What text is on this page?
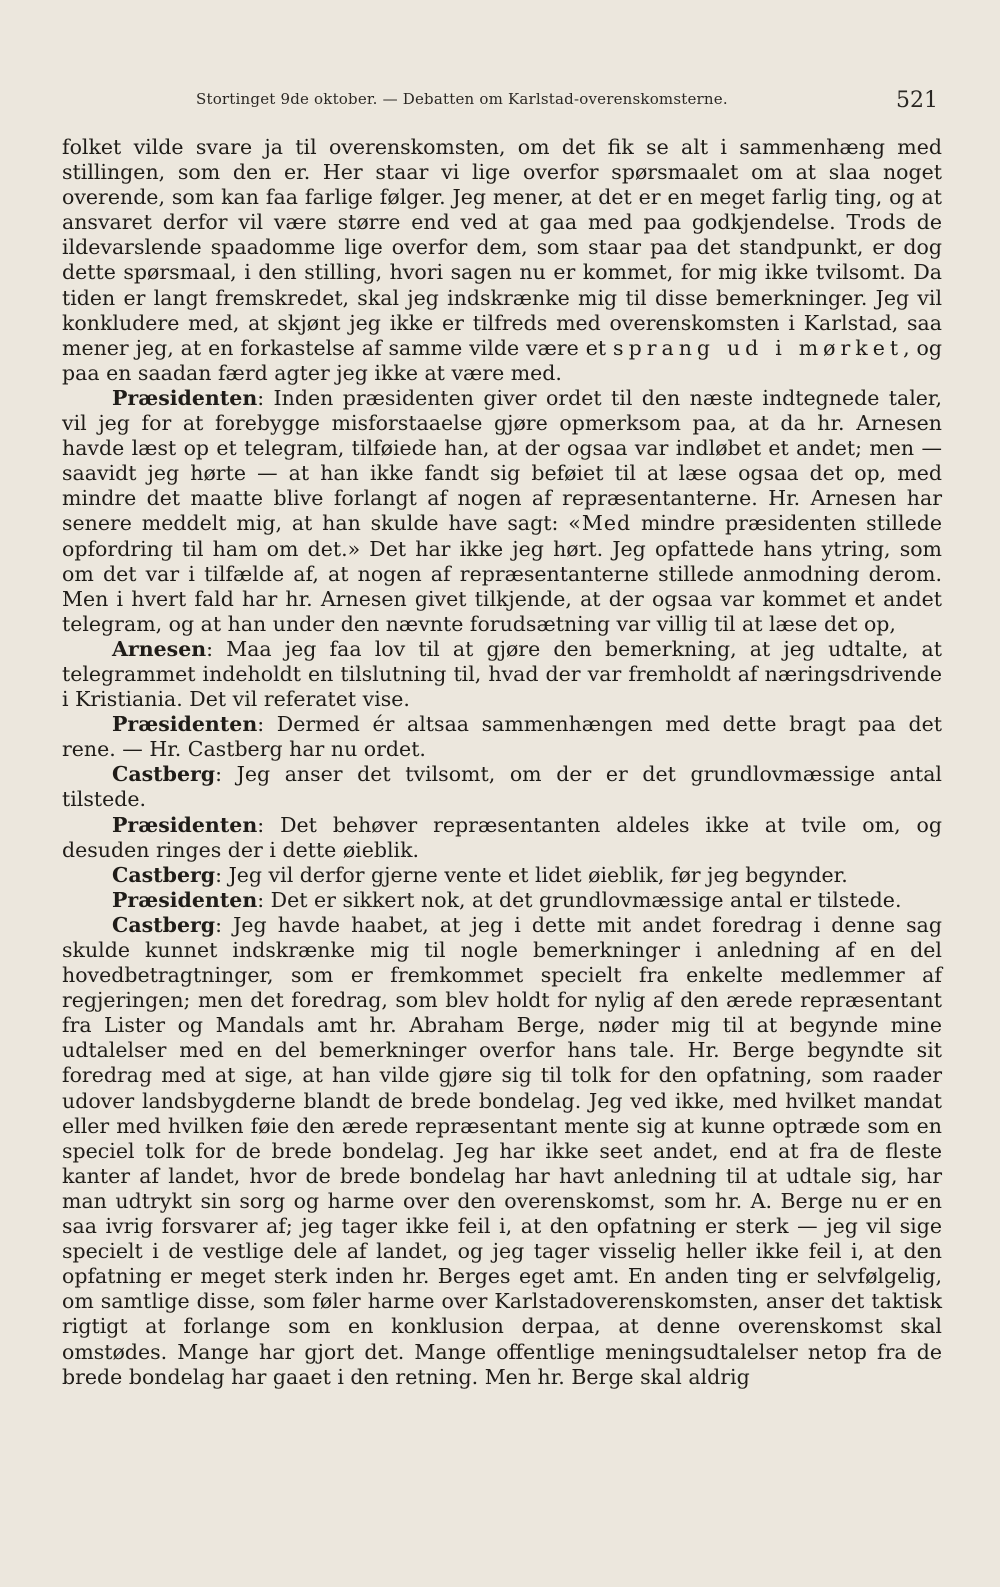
Stortinget 9de oktober. — Debatten om Karlstad-overenskomsterne.	521

folket vilde svare ja til overenskomsten, om det fik se alt i sammenhæng med stillingen, som den er. Her staar vi lige overfor spørsmaalet om at slaa noget overende, som kan faa farlige følger. Jeg mener, at det er en meget farlig ting, og at ansvaret derfor vil være større end ved at gaa med paa godkjendelse. Trods de ildevarslende spaadomme lige overfor dem, som staar paa det standpunkt, er dog dette spørsmaal, i den stilling, hvori sagen nu er kommet, for mig ikke tvilsomt. Da tiden er langt fremskredet, skal jeg indskrænke mig til disse bemerkninger. Jeg vil konkludere med, at skjønt jeg ikke er tilfreds med overenskomsten i Karlstad, saa mener jeg, at en forkastelse af samme vilde være et sprang ud i mørket, og paa en saadan færd agter jeg ikke at være med.

Præsidenten: Inden præsidenten giver ordet til den næste indtegnede taler, vil jeg for at forebygge misforstaaelse gjøre opmerksom paa, at da hr. Arnesen havde læst op et telegram, tilføiede han, at der ogsaa var indløbet et andet; men — saavidt jeg hørte — at han ikke fandt sig beføiet til at læse ogsaa det op, med mindre det maatte blive forlangt af nogen af repræsentanterne. Hr. Arnesen har senere meddelt mig, at han skulde have sagt: «Med mindre præsidenten stillede opfordring til ham om det.» Det har ikke jeg hørt. Jeg opfattede hans ytring, som om det var i tilfælde af, at nogen af repræsentanterne stillede anmodning derom. Men i hvert fald har hr. Arnesen givet tilkjende, at der ogsaa var kommet et andet telegram, og at han under den nævnte forudsætning var villig til at læse det op,

Arnesen: Maa jeg faa lov til at gjøre den bemerkning, at jeg udtalte, at telegrammet indeholdt en tilslutning til, hvad der var fremholdt af næringsdrivende i Kristiania. Det vil referatet vise.

Præsidenten: Dermed ér altsaa sammenhængen med dette bragt paa det rene. — Hr. Castberg har nu ordet.

Castberg: Jeg anser det tvilsomt, om der er det grundlovmæssige antal tilstede.

Præsidenten: Det behøver repræsentanten aldeles ikke at tvile om, og desuden ringes der i dette øieblik.

Castberg: Jeg vil derfor gjerne vente et lidet øieblik, før jeg begynder.

Præsidenten: Det er sikkert nok, at det grundlovmæssige antal er tilstede.

Castberg: Jeg havde haabet, at jeg i dette mit andet foredrag i denne sag skulde kunnet indskrænke mig til nogle bemerkninger i anledning af en del hovedbetragtninger, som er fremkommet specielt fra enkelte medlemmer af regjeringen; men det foredrag, som blev holdt for nylig af den ærede repræsentant fra Lister og Mandals amt hr. Abraham Berge, nøder mig til at begynde mine udtalelser med en del bemerkninger overfor hans tale. Hr. Berge begyndte sit foredrag med at sige, at han vilde gjøre sig til tolk for den opfatning, som raader udover landsbygderne blandt de brede bondelag. Jeg ved ikke, med hvilket mandat eller med hvilken føie den ærede repræsentant mente sig at kunne optræde som en speciel tolk for de brede bondelag. Jeg har ikke seet andet, end at fra de fleste kanter af landet, hvor de brede bondelag har havt anledning til at udtale sig, har man udtrykt sin sorg og harme over den overenskomst, som hr. A. Berge nu er en saa ivrig forsvarer af; jeg tager ikke feil i, at den opfatning er sterk — jeg vil sige specielt i de vestlige dele af landet, og jeg tager visselig heller ikke feil i, at den opfatning er meget sterk inden hr. Berges eget amt. En anden ting er selvfølgelig, om samtlige disse, som føler harme over Karlstadoverenskomsten, anser det taktisk rigtigt at forlange som en konklusion derpaa, at denne overenskomst skal omstødes. Mange har gjort det. Mange offentlige meningsudtalelser netop fra de brede bondelag har gaaet i den retning. Men hr. Berge skal aldrig
